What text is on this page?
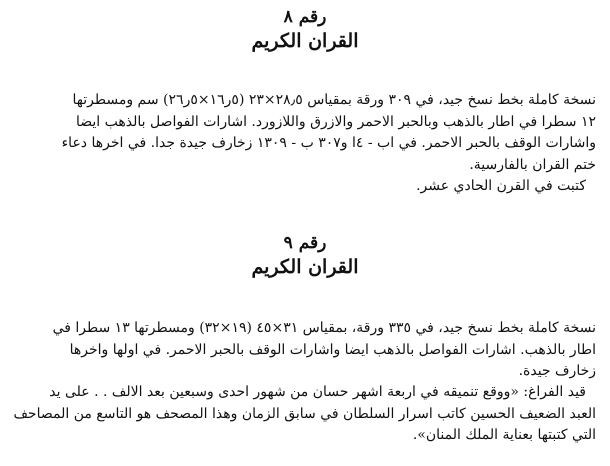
رقم ٨
القران الكريم
نسخة كاملة بخط نسخ جيد، في ٣٠٩ ورقة بمقياس ٢٨٫٥×٢٣ (٥ر١٦×٥ر٢٦) سم ومسطرتها
١٢ سطرا في اطار بالذهب وبالحبر الاحمر والازرق واللازورد. اشارات الفواصل بالذهب ايضا
واشارات الوقف بالحبر الاحمر. في اب - ٤ا و٣٠٧ ب - ١٣٠٩ زخارف جيدة جدا. في اخرها دعاء
ختم القران بالفارسية.
كتبت في القرن الحادي عشر.
رقم ٩
القران الكريم
نسخة كاملة بخط نسخ جيد، في ٣٣٥ ورقة، بمقياس ٣١×٤٥ (١٩×٣٢) ومسطرتها ١٣ سطرا في
اطار بالذهب. اشارات الفواصل بالذهب ايضا واشارات الوقف بالحبر الاحمر. في اولها واخرها
زخارف جيدة.
قيد الفراغ: «ووقع تنميقه في اربعة اشهر حسان من شهور احدى وسبعين بعد الالف . . على يد
العبد الضعيف الحسين كاتب اسرار السلطان في سابق الزمان وهذا المصحف هو التاسع من المصاحف
التي كتبتها بعناية الملك المنان».
